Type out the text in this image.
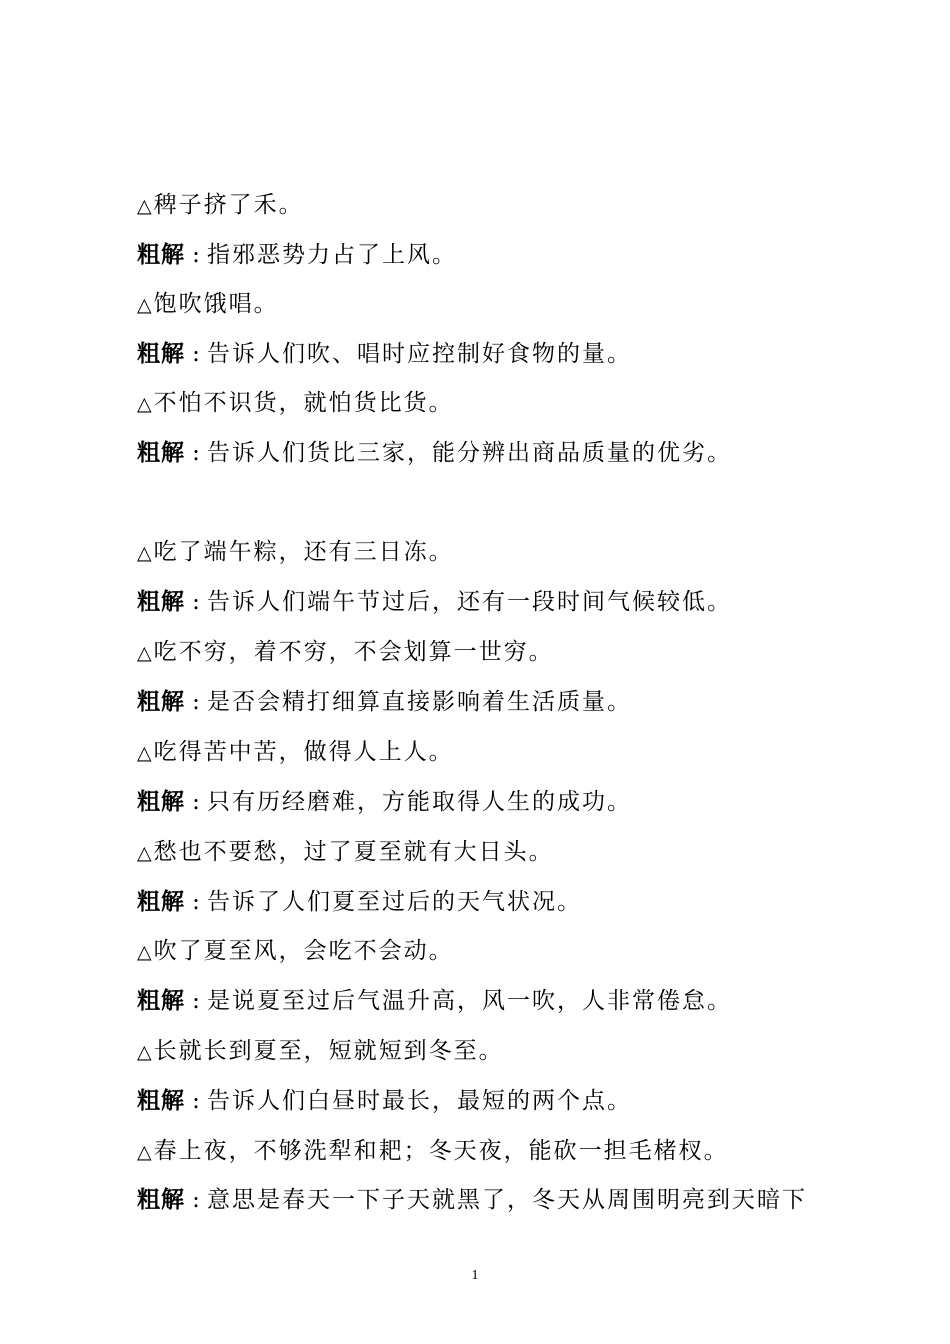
△稗子挤了禾。
粗解 : 指邪恶势力占了上风。
△饱吹饿唱。
粗解 : 告诉人们吹、唱时应控制好食物的量。
△不怕不识货，就怕货比货。
粗解 : 告诉人们货比三家，能分辨出商品质量的优劣。
△吃了端午粽，还有三日冻。
粗解 : 告诉人们端午节过后，还有一段时间气候较低。
△吃不穷，着不穷，不会划算一世穷。
粗解 : 是否会精打细算直接影响着生活质量。
△吃得苦中苦，做得人上人。
粗解 : 只有历经磨难，方能取得人生的成功。
△愁也不要愁，过了夏至就有大日头。
粗解 : 告诉了人们夏至过后的天气状况。
△吹了夏至风，会吃不会动。
粗解 : 是说夏至过后气温升高，风一吹，人非常倦怠。
△长就长到夏至，短就短到冬至。
粗解 : 告诉人们白昼时最长，最短的两个点。
△春上夜，不够洗犁和耙；冬天夜，能砍一担毛楮杈。
粗解 : 意思是春天一下子天就黑了，冬天从周围明亮到天暗下
1
